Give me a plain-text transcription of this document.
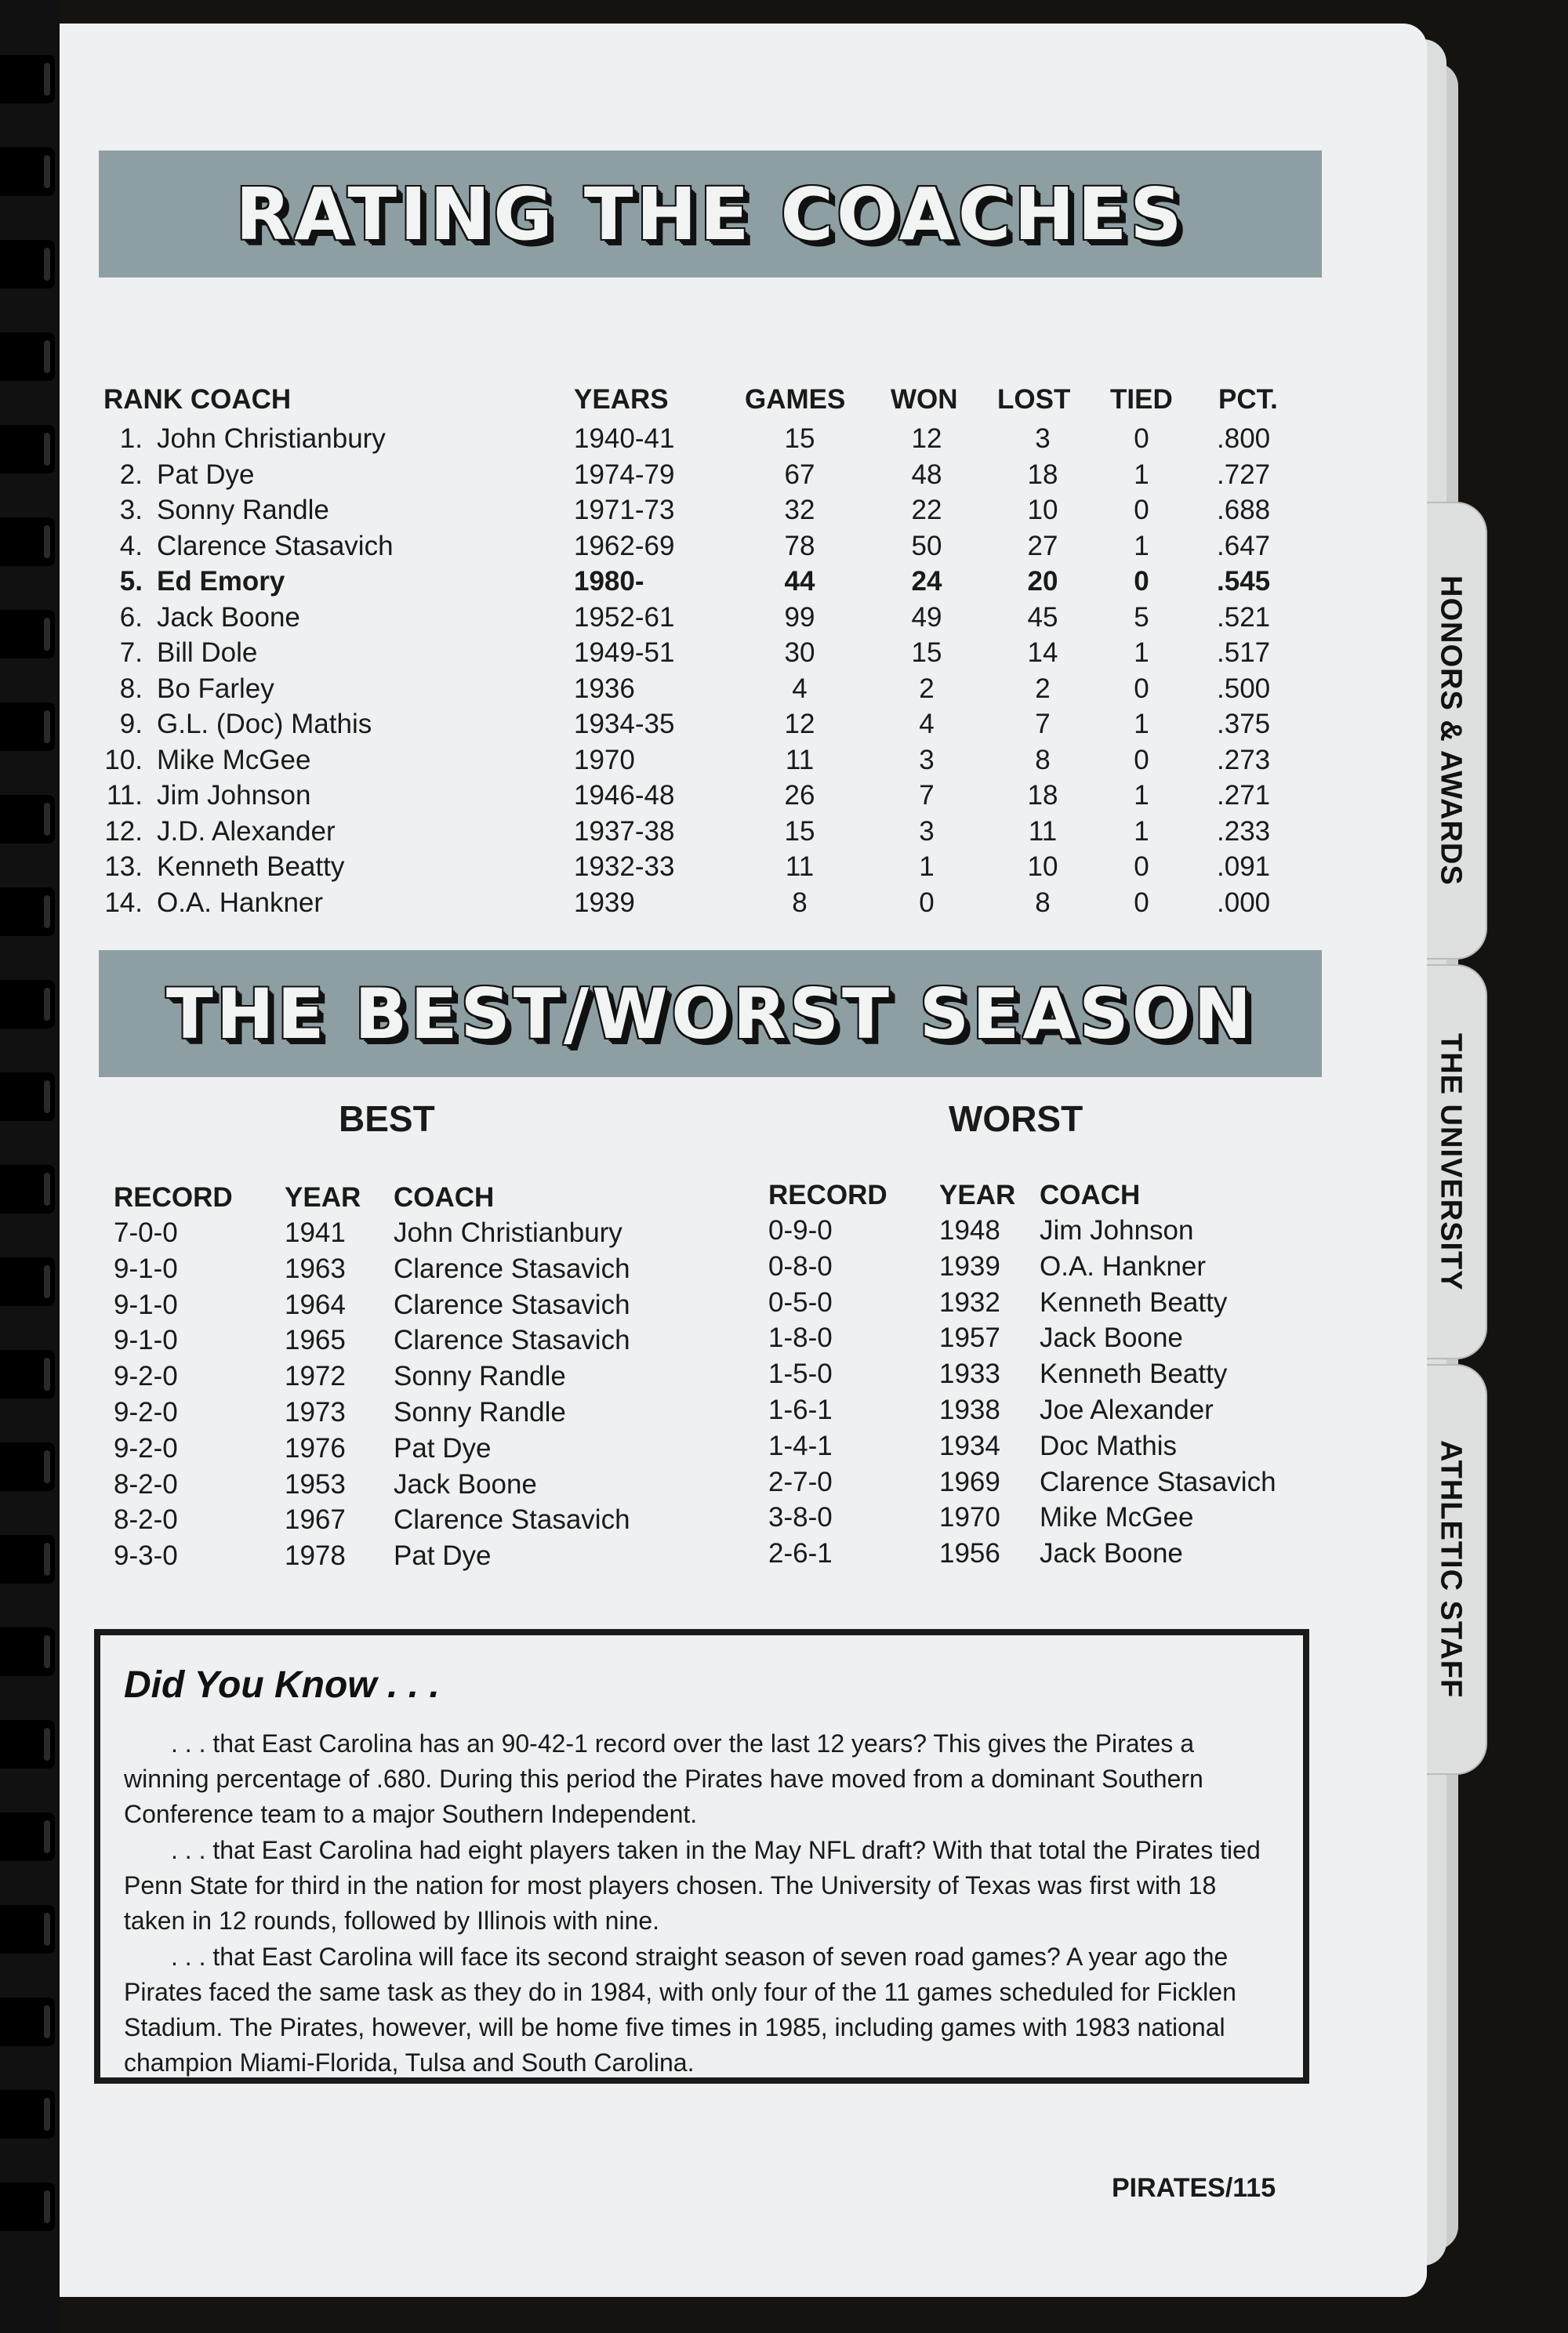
HONORS & AWARDS
THE UNIVERSITY
ATHLETIC STAFF
RATING THE COACHES
THE BEST/WORST SEASON
RANK COACH	YEARS	GAMES WON LOST TIED PCT.
1. John Christianbury	1940-41	15	12	3	0	.800
2. Pat Dye	1974-79	67	48	18	1	.727
3. Sonny Randle	1971-73	32	22	10	0	.688
4. Clarence Stasavich	1962-69	78	50	27	1	.647
5. Ed Emory	1980-	44	24	20	0	.545
6. Jack Boone	1952-61	99	49	45	5	.521
7. Bill Dole	1949-51	30	15	14	1	.517
8. Bo Farley	1936	4	2	2	0	.500
9. G.L. (Doc) Mathis	1934-35	12	4	7	1	.375
10. Mike McGee	1970	11	3	8	0	.273
11. Jim Johnson	1946-48	26	7	18	1	.271
12. J.D. Alexander	1937-38	15	3	11	1	.233
13. Kenneth Beatty	1932-33	11	1	10	0	.091
14. O.A. Hankner	1939	8	0	8	0	.000
BEST	WORST
RECORD YEAR COACH	RECORD YEAR COACH
7-0-0	1941 John Christianbury
9-1-0	1963 Clarence Stasavich
9-1-0	1964 Clarence Stasavich
9-1-0	1965 Clarence Stasavich
9-2-0	1972 Sonny Randle
9-2-0	1973 Sonny Randle
9-2-0	1976 Pat Dye
8-2-0	1953 Jack Boone
8-2-0	1967 Clarence Stasavich
9-3-0	1978 Pat Dye
0-9-0	1948 Jim Johnson
0-8-0	1939 O.A. Hankner
0-5-0	1932 Kenneth Beatty
1-8-0	1957 Jack Boone
1-5-0	1933 Kenneth Beatty
1-6-1	1938 Joe Alexander
1-4-1	1934 Doc Mathis
2-7-0	1969 Clarence Stasavich
3-8-0	1970 Mike McGee
2-6-1	1956 Jack Boone
Did You Know . . .
. . . that East Carolina has an 90-42-1 record over the last 12 years? This gives the Pirates a winning percentage of .680. During this period the Pirates have moved from a dominant Southern Conference team to a major Southern Independent.
. . . that East Carolina had eight players taken in the May NFL draft? With that total the Pirates tied Penn State for third in the nation for most players chosen. The University of Texas was first with 18 taken in 12 rounds, followed by Illinois with nine.
. . . that East Carolina will face its second straight season of seven road games? A year ago the Pirates faced the same task as they do in 1984, with only four of the 11 games scheduled for Ficklen Stadium. The Pirates, however, will be home five times in 1985, including games with 1983 national champion Miami-Florida, Tulsa and South Carolina.
PIRATES/115
